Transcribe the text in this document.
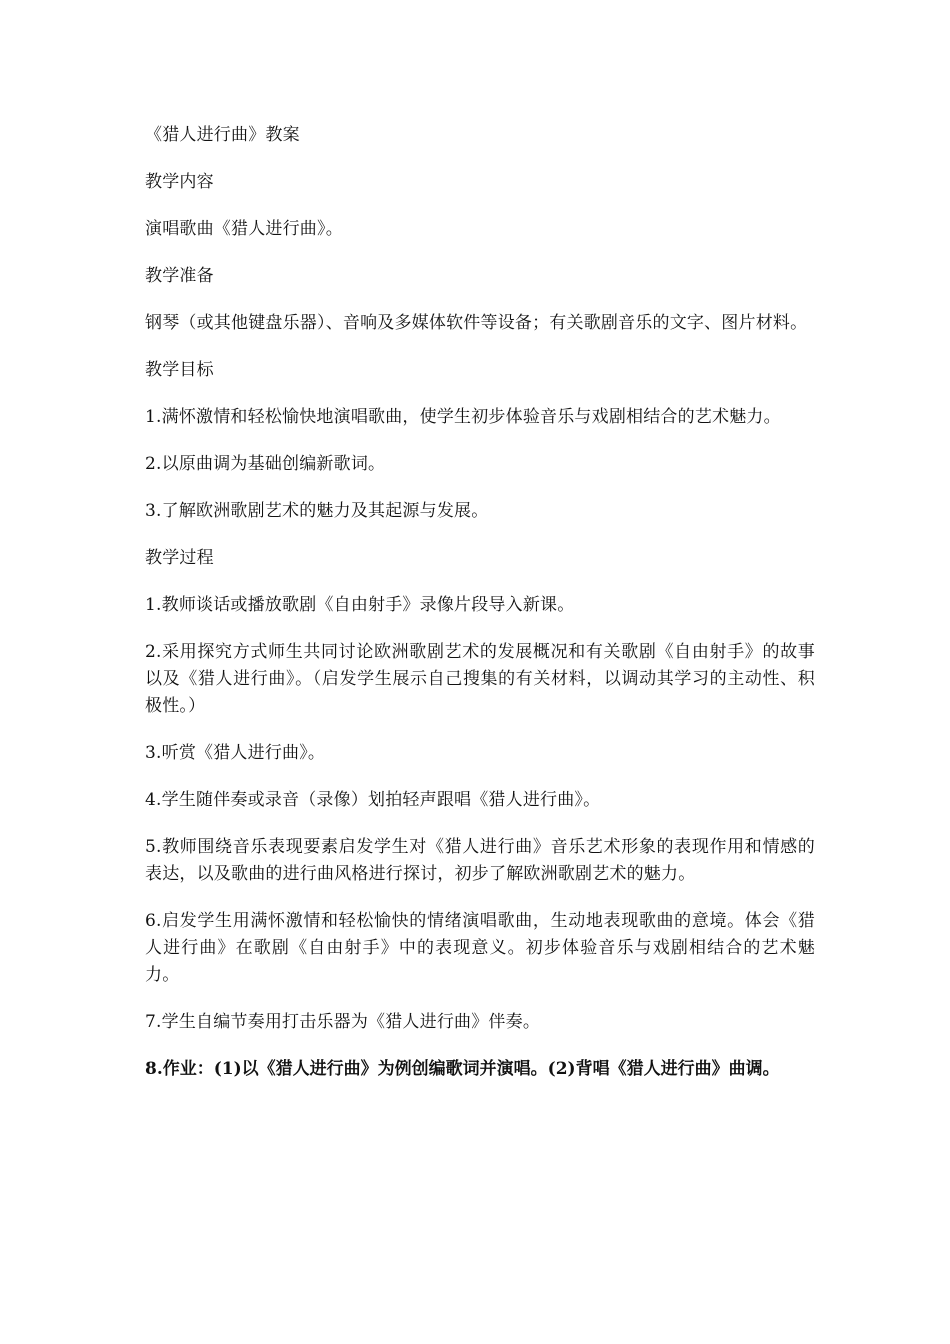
《猎人进行曲》教案

教学内容

演唱歌曲《猎人进行曲》。

教学准备

钢琴（或其他键盘乐器）、音响及多媒体软件等设备；有关歌剧音乐的文字、图片材料。

教学目标

1.满怀激情和轻松愉快地演唱歌曲，使学生初步体验音乐与戏剧相结合的艺术魅力。

2.以原曲调为基础创编新歌词。

3.了解欧洲歌剧艺术的魅力及其起源与发展。

教学过程

1.教师谈话或播放歌剧《自由射手》录像片段导入新课。

2.采用探究方式师生共同讨论欧洲歌剧艺术的发展概况和有关歌剧《自由射手》的故事以及《猎人进行曲》。（启发学生展示自己搜集的有关材料，以调动其学习的主动性、积极性。）

3.听赏《猎人进行曲》。

4.学生随伴奏或录音（录像）划拍轻声跟唱《猎人进行曲》。

5.教师围绕音乐表现要素启发学生对《猎人进行曲》音乐艺术形象的表现作用和情感的表达，以及歌曲的进行曲风格进行探讨，初步了解欧洲歌剧艺术的魅力。

6.启发学生用满怀激情和轻松愉快的情绪演唱歌曲，生动地表现歌曲的意境。体会《猎人进行曲》在歌剧《自由射手》中的表现意义。初步体验音乐与戏剧相结合的艺术魅力。

7.学生自编节奏用打击乐器为《猎人进行曲》伴奏。

8.作业：(1)以《猎人进行曲》为例创编歌词并演唱。(2)背唱《猎人进行曲》曲调。
